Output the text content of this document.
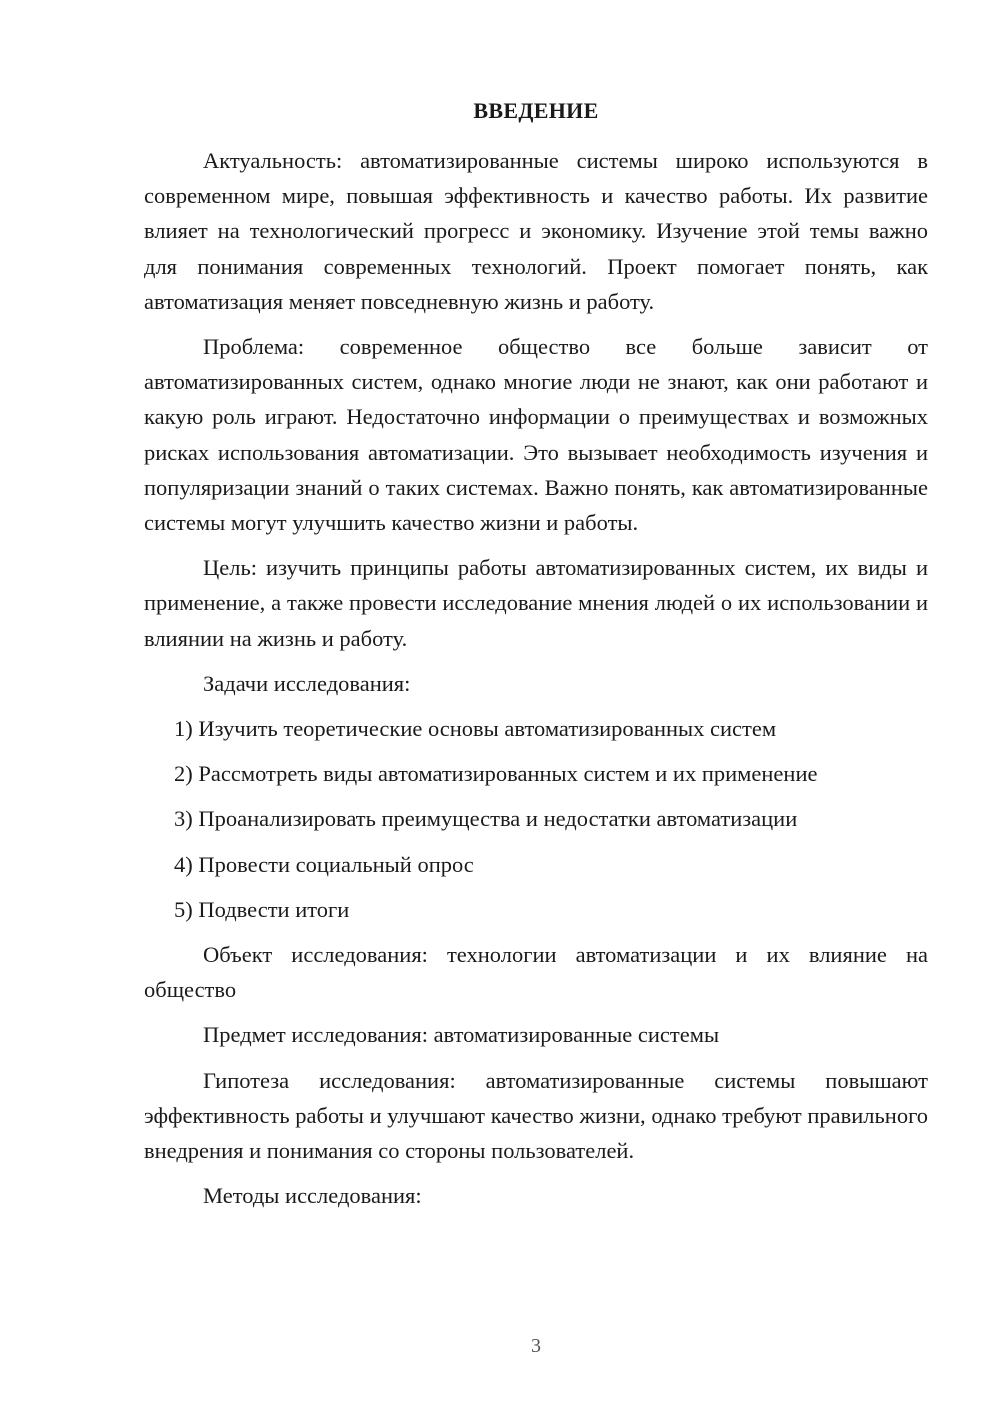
ВВЕДЕНИЕ

Актуальность: автоматизированные системы широко используются в современном мире, повышая эффективность и качество работы. Их развитие влияет на технологический прогресс и экономику. Изучение этой темы важно для понимания современных технологий. Проект помогает понять, как автоматизация меняет повседневную жизнь и работу.

Проблема: современное общество все больше зависит от автоматизированных систем, однако многие люди не знают, как они работают и какую роль играют. Недостаточно информации о преимуществах и возможных рисках использования автоматизации. Это вызывает необходимость изучения и популяризации знаний о таких системах. Важно понять, как автоматизированные системы могут улучшить качество жизни и работы.

Цель: изучить принципы работы автоматизированных систем, их виды и применение, а также провести исследование мнения людей о их использовании и влиянии на жизнь и работу.

Задачи исследования:

1) Изучить теоретические основы автоматизированных систем
2) Рассмотреть виды автоматизированных систем и их применение
3) Проанализировать преимущества и недостатки автоматизации
4) Провести социальный опрос
5) Подвести итоги

Объект исследования: технологии автоматизации и их влияние на общество

Предмет исследования: автоматизированные системы

Гипотеза исследования: автоматизированные системы повышают эффективность работы и улучшают качество жизни, однако требуют правильного внедрения и понимания со стороны пользователей.

Методы исследования:

3
